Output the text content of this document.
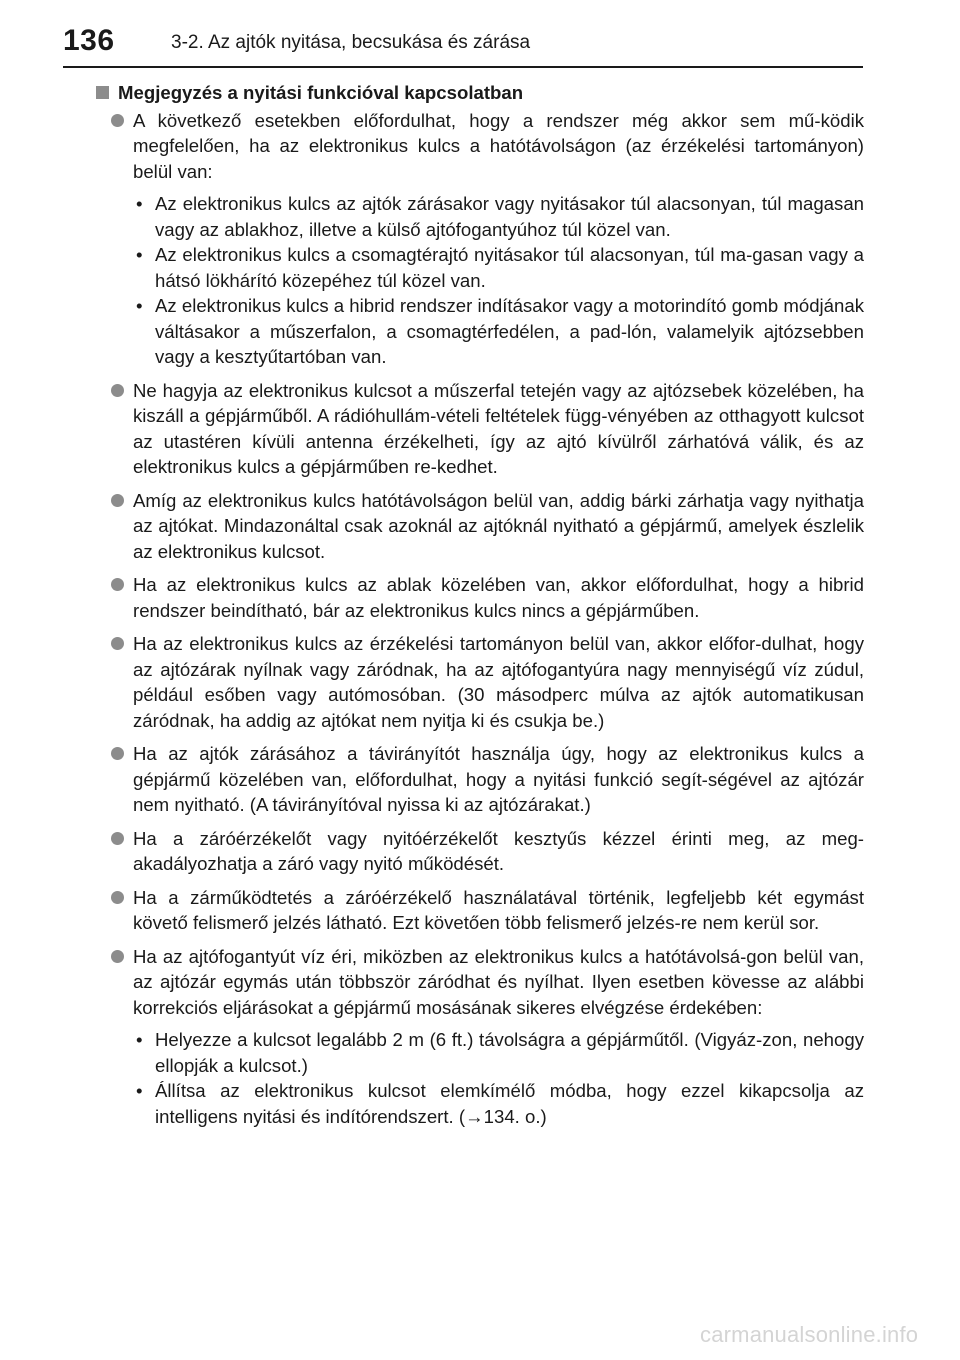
136	3-2. Az ajtók nyitása, becsukása és zárása
Megjegyzés a nyitási funkcióval kapcsolatban
A következő esetekben előfordulhat, hogy a rendszer még akkor sem mű-ködik megfelelően, ha az elektronikus kulcs a hatótávolságon (az érzékelési tartományon) belül van:
• Az elektronikus kulcs az ajtók zárásakor vagy nyitásakor túl alacsonyan, túl magasan vagy az ablakhoz, illetve a külső ajtófogantyúhoz túl közel van.
• Az elektronikus kulcs a csomagtérajtó nyitásakor túl alacsonyan, túl ma-gasan vagy a hátsó lökhárító közepéhez túl közel van.
• Az elektronikus kulcs a hibrid rendszer indításakor vagy a motorindító gomb módjának váltásakor a műszerfalon, a csomagtérfedélen, a pad-lón, valamelyik ajtózsebben vagy a kesztyűtartóban van.
Ne hagyja az elektronikus kulcsot a műszerfal tetején vagy az ajtózsebek közelében, ha kiszáll a gépjárműből. A rádióhullám-vételi feltételek függ-vényében az otthagyott kulcsot az utastéren kívüli antenna érzékelheti, így az ajtó kívülről zárhatóvá válik, és az elektronikus kulcs a gépjárműben re-kedhet.
Amíg az elektronikus kulcs hatótávolságon belül van, addig bárki zárhatja vagy nyithatja az ajtókat. Mindazonáltal csak azoknál az ajtóknál nyitható a gépjármű, amelyek észlelik az elektronikus kulcsot.
Ha az elektronikus kulcs az ablak közelében van, akkor előfordulhat, hogy a hibrid rendszer beindítható, bár az elektronikus kulcs nincs a gépjárműben.
Ha az elektronikus kulcs az érzékelési tartományon belül van, akkor előfor-dulhat, hogy az ajtózárak nyílnak vagy záródnak, ha az ajtófogantyúra nagy mennyiségű víz zúdul, például esőben vagy autómosóban. (30 másodperc múlva az ajtók automatikusan záródnak, ha addig az ajtókat nem nyitja ki és csukja be.)
Ha az ajtók zárásához a távirányítót használja úgy, hogy az elektronikus kulcs a gépjármű közelében van, előfordulhat, hogy a nyitási funkció segít-ségével az ajtózár nem nyitható. (A távirányítóval nyissa ki az ajtózárakat.)
Ha a záróérzékelőt vagy nyitóérzékelőt kesztyűs kézzel érinti meg, az meg-akadályozhatja a záró vagy nyitó működését.
Ha a zárműködtetés a záróérzékelő használatával történik, legfeljebb két egymást követő felismerő jelzés látható. Ezt követően több felismerő jelzés-re nem kerül sor.
Ha az ajtófogantyút víz éri, miközben az elektronikus kulcs a hatótávolsá-gon belül van, az ajtózár egymás után többször záródhat és nyílhat. Ilyen esetben kövesse az alábbi korrekciós eljárásokat a gépjármű mosásának sikeres elvégzése érdekében:
• Helyezze a kulcsot legalább 2 m (6 ft.) távolságra a gépjárműtől. (Vigyáz-zon, nehogy ellopják a kulcsot.)
• Állítsa az elektronikus kulcsot elemkímélő módba, hogy ezzel kikapcsolja az intelligens nyitási és indítórendszert. (→134. o.)
carmanualsonline.info
